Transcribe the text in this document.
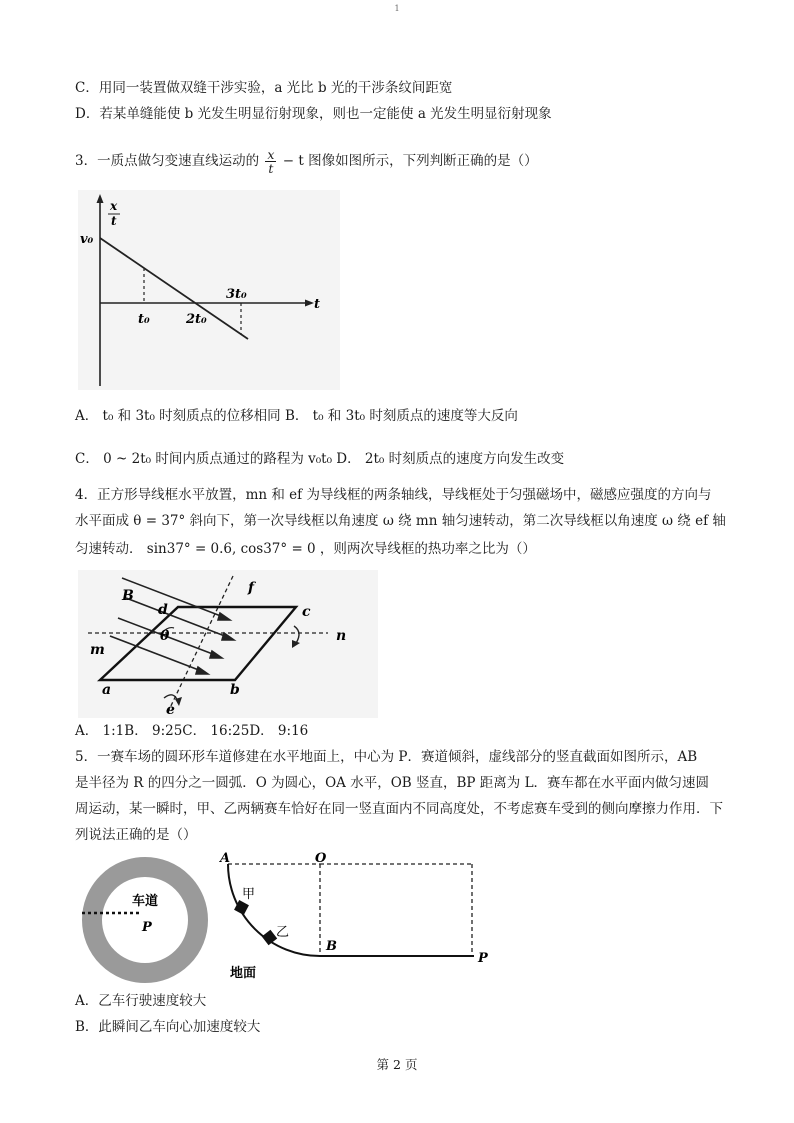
1
C．用同一装置做双缝干涉实验，a 光比 b 光的干涉条纹间距宽
D．若某单缝能使 b 光发生明显衍射现象，则也一定能使 a 光发生明显衍射现象
3．一质点做匀变速直线运动的 $\frac{x}{t} - t$ 图像如图所示，下列判断正确的是（）
x
t
v₀
t
t₀	2t₀
3t₀
A． t₀ 和 3t₀ 时刻质点的位移相同 B． t₀ 和 3t₀ 时刻质点的速度等大反向
C． 0 ~ 2t₀ 时间内质点通过的路程为 v₀t₀ D． 2t₀ 时刻质点的速度方向发生改变
4．正方形导线框水平放置，mn 和 ef 为导线框的两条轴线，导线框处于匀强磁场中，磁感应强度的方向与
水平面成 θ = 37° 斜向下，第一次导线框以角速度 ω 绕 mn 轴匀速转动，第二次导线框以角速度 ω 绕 ef 轴
匀速转动． sin37° = 0.6, cos37° = 0 ，则两次导线框的热功率之比为（）
B
d
f
c
θ
m
n
a	b
e
A． 1:1B． 9:25C． 16:25D． 9:16
5．一赛车场的圆环形车道修建在水平地面上，中心为 P．赛道倾斜，虚线部分的竖直截面如图所示，AB
是半径为 R 的四分之一圆弧．O 为圆心，OA 水平，OB 竖直，BP 距离为 L．赛车都在水平面内做匀速圆
周运动，某一瞬时，甲、乙两辆赛车恰好在同一竖直面内不同高度处，不考虑赛车受到的侧向摩擦力作用．下
列说法正确的是（）
车道
P
A	O
甲
乙
B
P
地面
A．乙车行驶速度较大
B．此瞬间乙车向心加速度较大
第 2 页
